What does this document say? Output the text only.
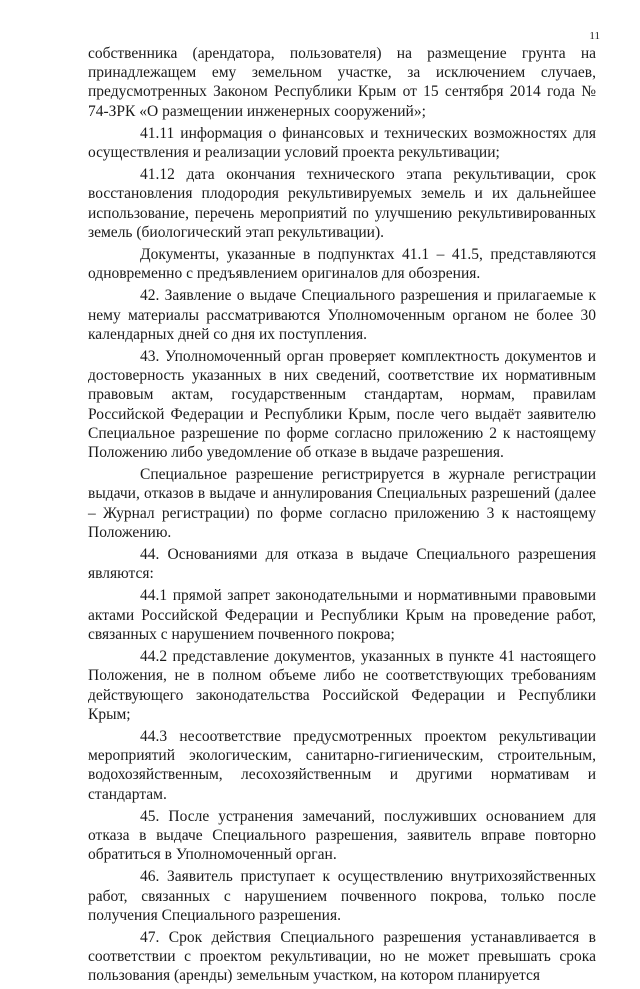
11

собственника (арендатора, пользователя) на размещение грунта на принадлежащем ему земельном участке, за исключением случаев, предусмотренных Законом Республики Крым от 15 сентября 2014 года № 74-ЗРК «О размещении инженерных сооружений»;

41.11 информация о финансовых и технических возможностях для осуществления и реализации условий проекта рекультивации;

41.12 дата окончания технического этапа рекультивации, срок восстановления плодородия рекультивируемых земель и их дальнейшее использование, перечень мероприятий по улучшению рекультивированных земель (биологический этап рекультивации).

Документы, указанные в подпунктах 41.1 – 41.5, представляются одновременно с предъявлением оригиналов для обозрения.

42. Заявление о выдаче Специального разрешения и прилагаемые к нему материалы рассматриваются Уполномоченным органом не более 30 календарных дней со дня их поступления.

43. Уполномоченный орган проверяет комплектность документов и достоверность указанных в них сведений, соответствие их нормативным правовым актам, государственным стандартам, нормам, правилам Российской Федерации и Республики Крым, после чего выдаёт заявителю Специальное разрешение по форме согласно приложению 2 к настоящему Положению либо уведомление об отказе в выдаче разрешения.

Специальное разрешение регистрируется в журнале регистрации выдачи, отказов в выдаче и аннулирования Специальных разрешений (далее – Журнал регистрации) по форме согласно приложению 3 к настоящему Положению.

44. Основаниями для отказа в выдаче Специального разрешения являются:

44.1 прямой запрет законодательными и нормативными правовыми актами Российской Федерации и Республики Крым на проведение работ, связанных с нарушением почвенного покрова;

44.2 представление документов, указанных в пункте 41 настоящего Положения, не в полном объеме либо не соответствующих требованиям действующего законодательства Российской Федерации и Республики Крым;

44.3 несоответствие предусмотренных проектом рекультивации мероприятий экологическим, санитарно-гигиеническим, строительным, водохозяйственным, лесохозяйственным и другими нормативам и стандартам.

45. После устранения замечаний, послуживших основанием для отказа в выдаче Специального разрешения, заявитель вправе повторно обратиться в Уполномоченный орган.

46. Заявитель приступает к осуществлению внутрихозяйственных работ, связанных с нарушением почвенного покрова, только после получения Специального разрешения.

47. Срок действия Специального разрешения устанавливается в соответствии с проектом рекультивации, но не может превышать срока пользования (аренды) земельным участком, на котором планируется
